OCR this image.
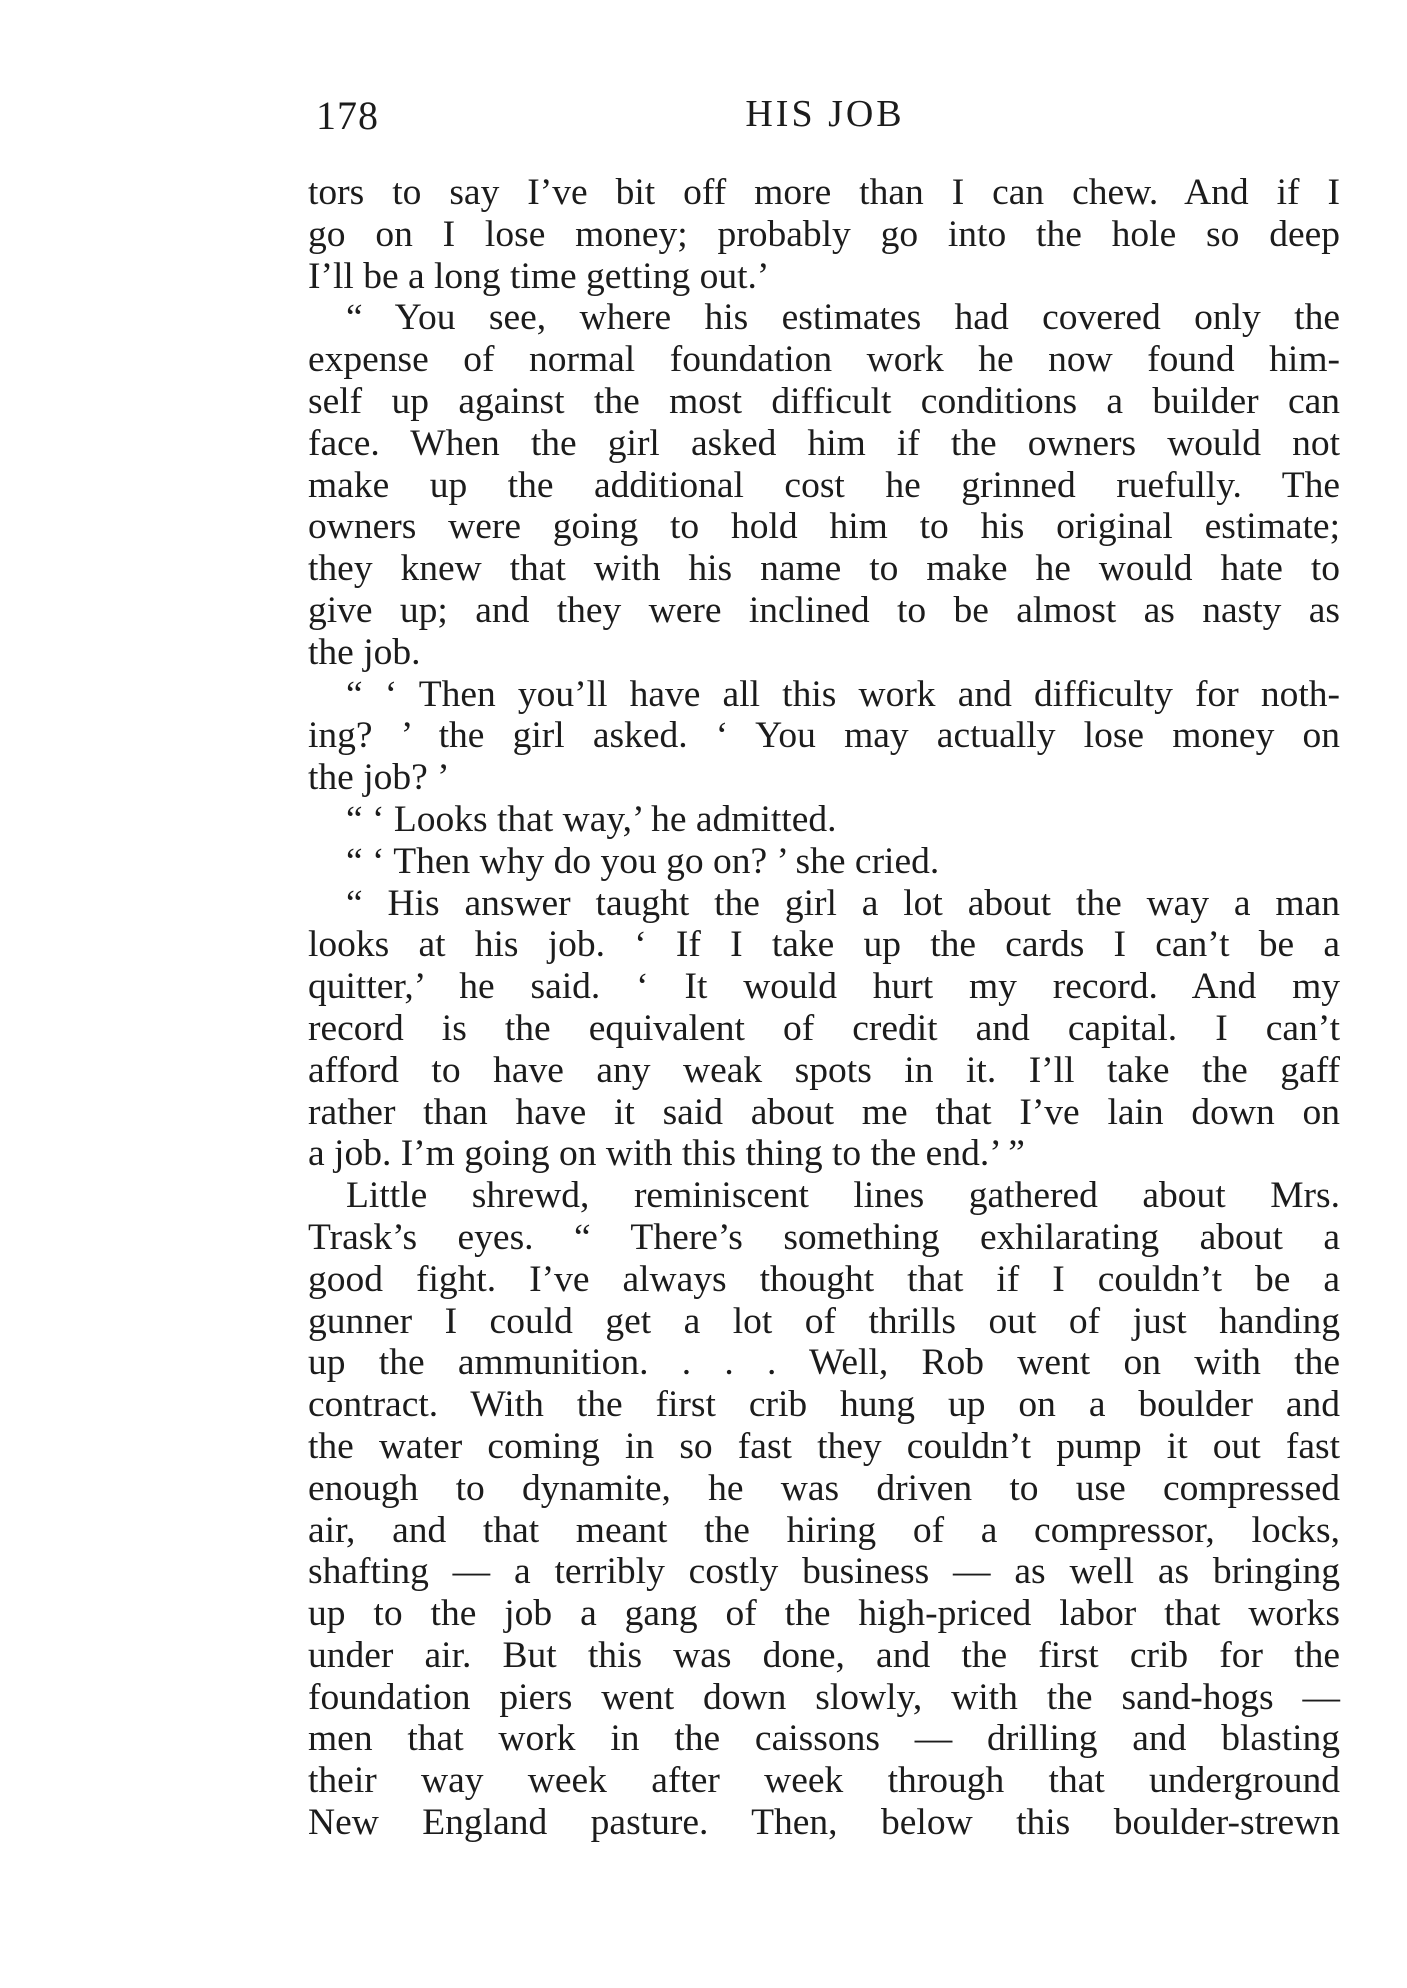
HIS JOB
178
tors to say I’ve bit off more than I can chew. And if I
go on I lose money; probably go into the hole so deep
I’ll be a long time getting out.’
“ You see, where his estimates had covered only the
expense of normal foundation work he now found him-
self up against the most difficult conditions a builder can
face. When the girl asked him if the owners would not
make up the additional cost he grinned ruefully. The
owners were going to hold him to his original estimate;
they knew that with his name to make he would hate to
give up; and they were inclined to be almost as nasty as
the job.
“ ‘ Then you’ll have all this work and difficulty for noth-
ing? ’ the girl asked. ‘ You may actually lose money on
the job? ’
“ ‘ Looks that way,’ he admitted.
“ ‘ Then why do you go on? ’ she cried.
“ His answer taught the girl a lot about the way a man
looks at his job. ‘ If I take up the cards I can’t be a
quitter,’ he said. ‘ It would hurt my record. And my
record is the equivalent of credit and capital. I can’t
afford to have any weak spots in it. I’ll take the gaff
rather than have it said about me that I’ve lain down on
a job. I’m going on with this thing to the end.’ ”
Little shrewd, reminiscent lines gathered about Mrs.
Trask’s eyes. “ There’s something exhilarating about a
good fight. I’ve always thought that if I couldn’t be a
gunner I could get a lot of thrills out of just handing
up the ammunition. . . . Well, Rob went on with the
contract. With the first crib hung up on a boulder and
the water coming in so fast they couldn’t pump it out fast
enough to dynamite, he was driven to use compressed
air, and that meant the hiring of a compressor, locks,
shafting — a terribly costly business — as well as bringing
up to the job a gang of the high-priced labor that works
under air. But this was done, and the first crib for the
foundation piers went down slowly, with the sand-hogs —
men that work in the caissons — drilling and blasting
their way week after week through that underground
New England pasture. Then, below this boulder-strewn
